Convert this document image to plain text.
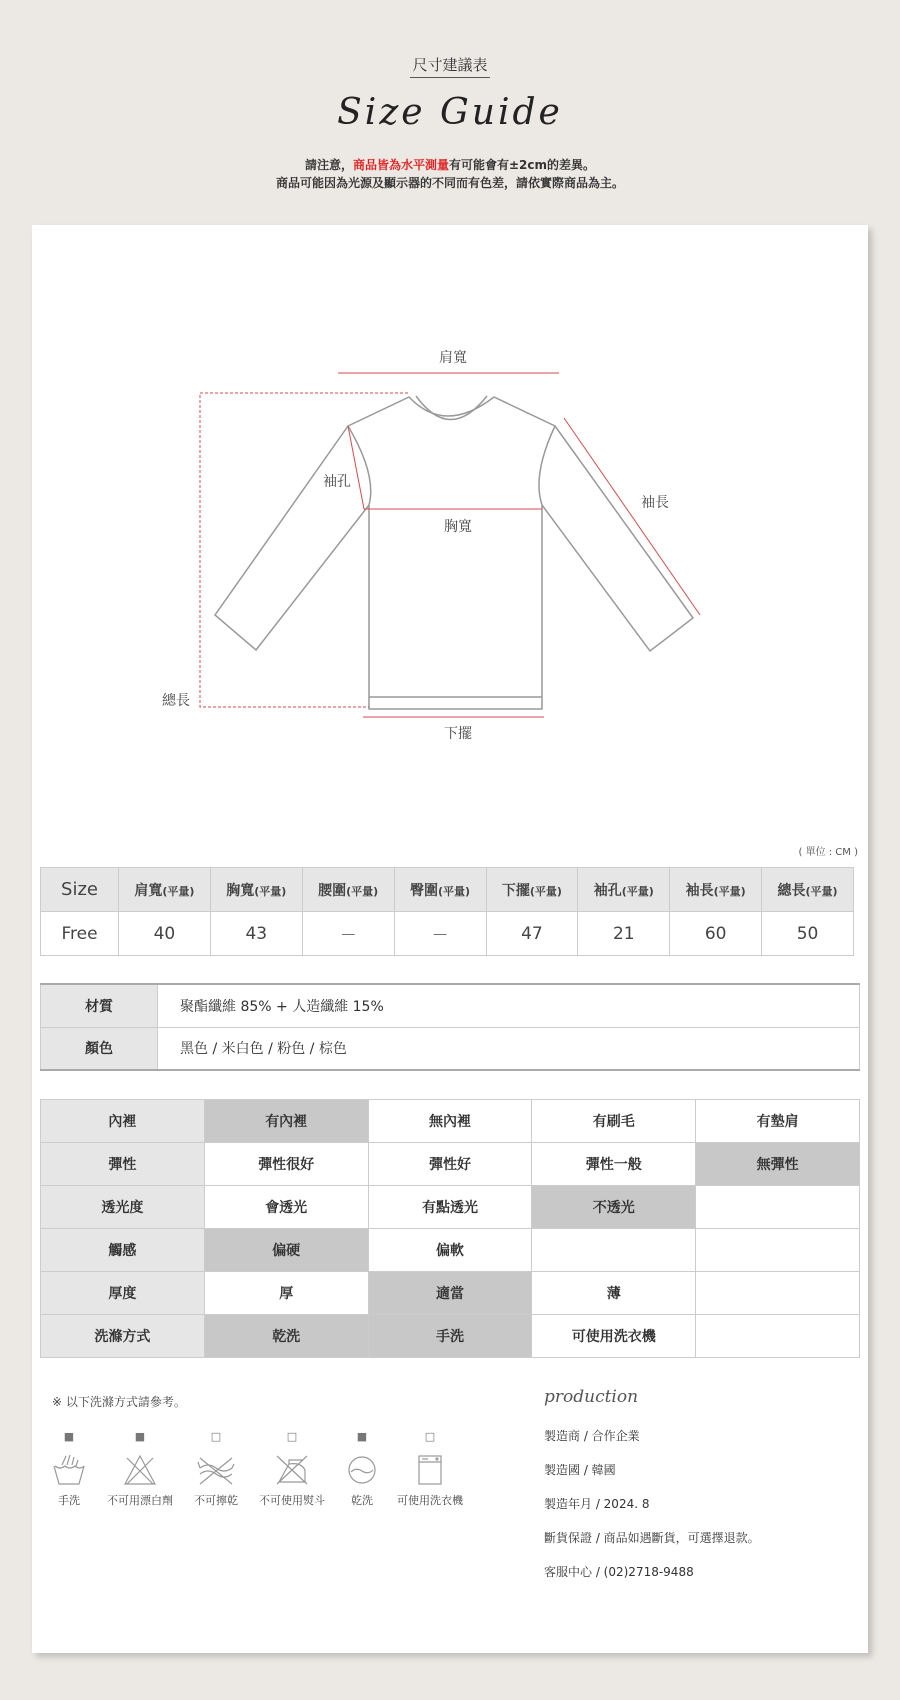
尺寸建議表
Size Guide
請注意，商品皆為水平測量有可能會有±2cm的差異。
商品可能因為光源及顯示器的不同而有色差，請依實際商品為主。
肩寬
袖孔
袖長
胸寬
總長
下擺
( 單位 : CM )
Size	肩寬(平量)	胸寬(平量)	腰圍(平量)	臀圍(平量)	下擺(平量)	袖孔(平量)	袖長(平量)	總長(平量)
Free	40	43	－	－	47	21	60	50
材質	聚酯纖維 85% + 人造纖維 15%
顏色	黑色 / 米白色 / 粉色 / 棕色
內裡	有內裡	無內裡	有刷毛	有墊肩
彈性	彈性很好	彈性好	彈性一般	無彈性
透光度	會透光	有點透光	不透光	
觸感	偏硬	偏軟		
厚度	厚	適當	薄	
洗滌方式	乾洗	手洗	可使用洗衣機	
※ 以下洗滌方式請參考。
■
手洗
■
不可用漂白劑
□
不可擰乾
□
不可使用熨斗
■
乾洗
□
可使用洗衣機
production
製造商 / 合作企業
製造國 / 韓國
製造年月 / 2024. 8
斷貨保證 / 商品如遇斷貨，可選擇退款。
客服中心 / (02)2718-9488
